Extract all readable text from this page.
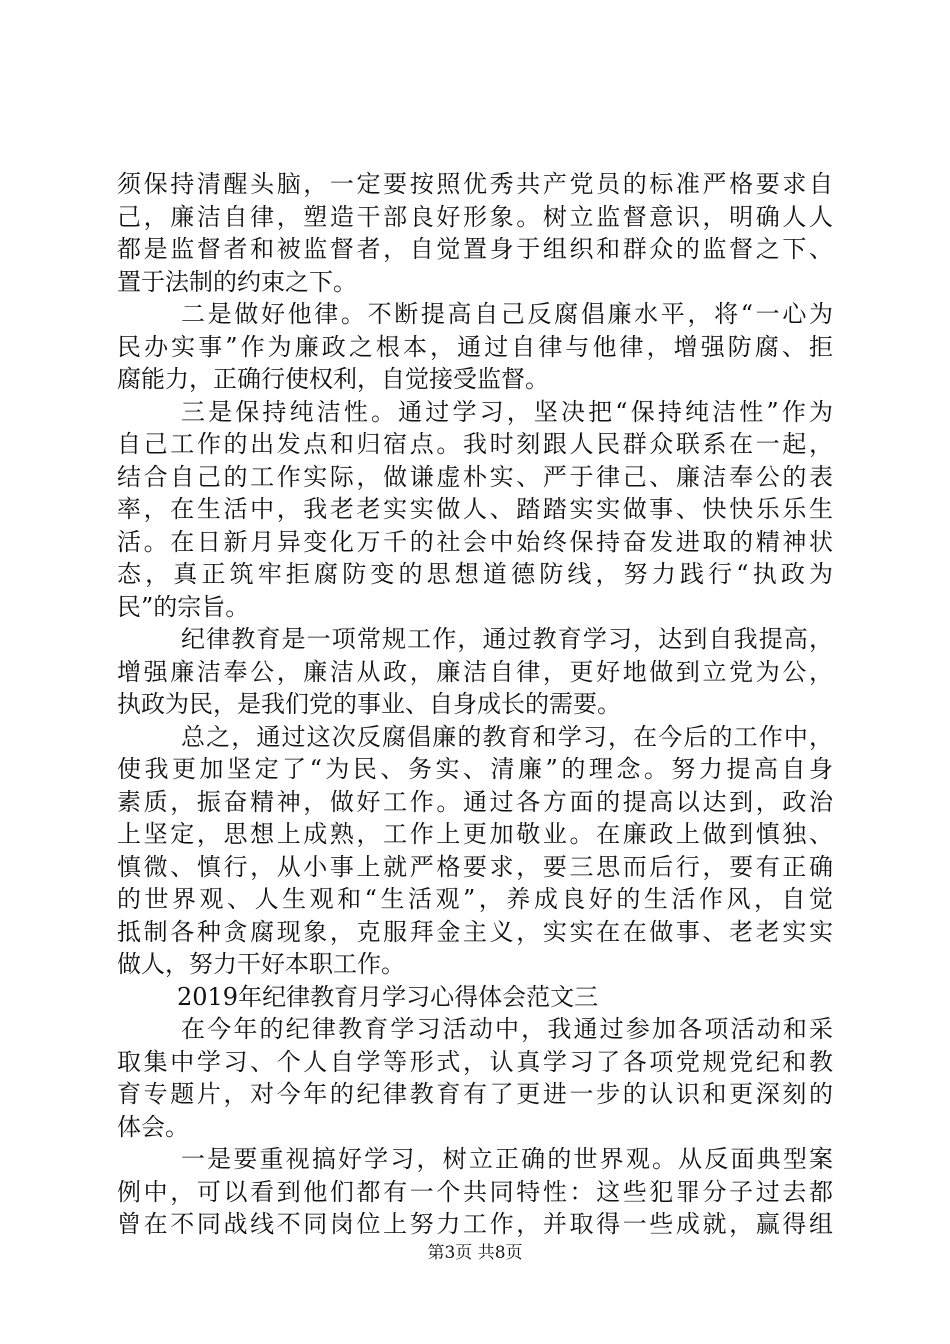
须保持清醒头脑，一定要按照优秀共产党员的标准严格要求自
己，廉洁自律，塑造干部良好形象。树立监督意识，明确人人
都是监督者和被监督者，自觉置身于组织和群众的监督之下、
置于法制的约束之下。
二是做好他律。不断提高自己反腐倡廉水平，将“一心为
民办实事”作为廉政之根本，通过自律与他律，增强防腐、拒
腐能力，正确行使权利，自觉接受监督。
三是保持纯洁性。通过学习，坚决把“保持纯洁性”作为
自己工作的出发点和归宿点。我时刻跟人民群众联系在一起，
结合自己的工作实际，做谦虚朴实、严于律己、廉洁奉公的表
率，在生活中，我老老实实做人、踏踏实实做事、快快乐乐生
活。在日新月异变化万千的社会中始终保持奋发进取的精神状
态，真正筑牢拒腐防变的思想道德防线，努力践行“执政为
民”的宗旨。
纪律教育是一项常规工作，通过教育学习，达到自我提高，
增强廉洁奉公，廉洁从政，廉洁自律，更好地做到立党为公，
执政为民，是我们党的事业、自身成长的需要。
总之，通过这次反腐倡廉的教育和学习，在今后的工作中，
使我更加坚定了“为民、务实、清廉”的理念。努力提高自身
素质，振奋精神，做好工作。通过各方面的提高以达到，政治
上坚定，思想上成熟，工作上更加敬业。在廉政上做到慎独、
慎微、慎行，从小事上就严格要求，要三思而后行，要有正确
的世界观、人生观和“生活观”，养成良好的生活作风，自觉
抵制各种贪腐现象，克服拜金主义，实实在在做事、老老实实
做人，努力干好本职工作。
2019年纪律教育月学习心得体会范文三
在今年的纪律教育学习活动中，我通过参加各项活动和采
取集中学习、个人自学等形式，认真学习了各项党规党纪和教
育专题片，对今年的纪律教育有了更进一步的认识和更深刻的
体会。
一是要重视搞好学习，树立正确的世界观。从反面典型案
例中，可以看到他们都有一个共同特性：这些犯罪分子过去都
曾在不同战线不同岗位上努力工作，并取得一些成就，赢得组
第3页 共8页
